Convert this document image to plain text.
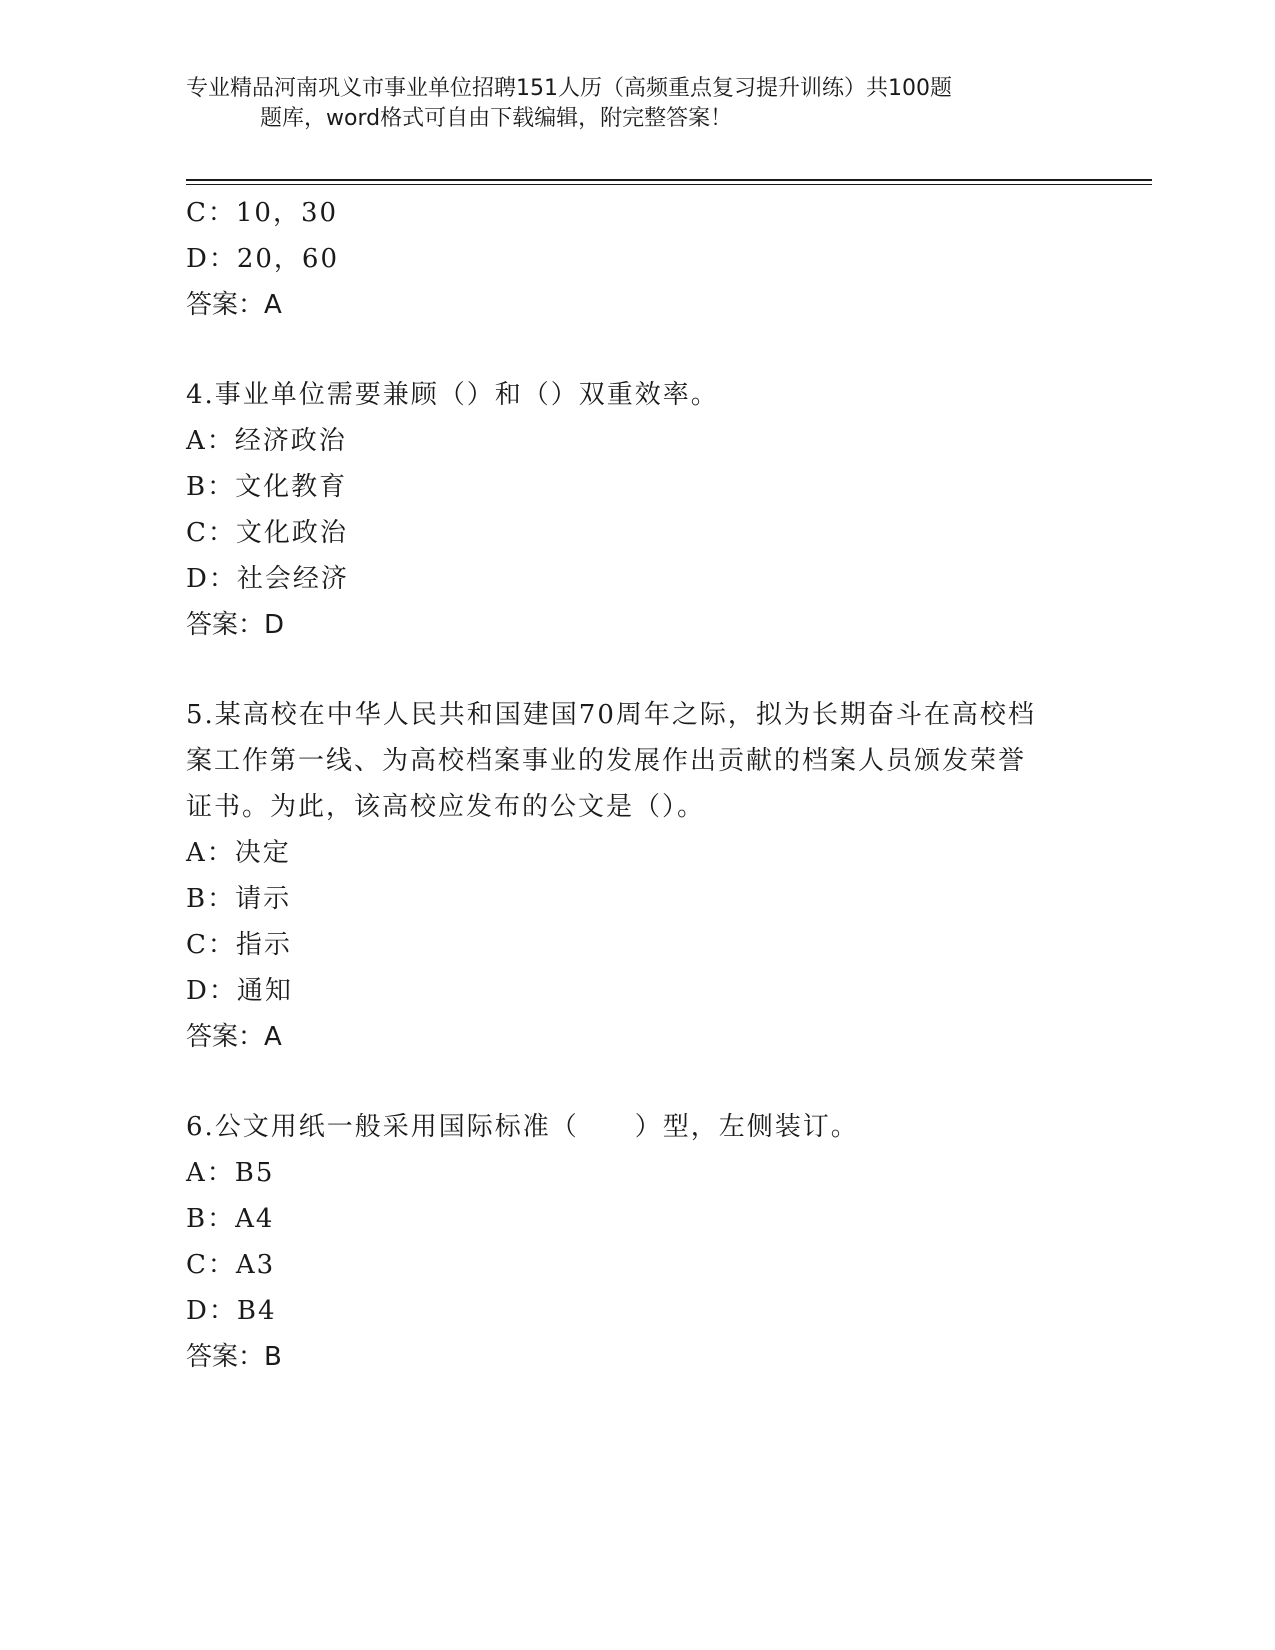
专业精品河南巩义市事业单位招聘151人历（高频重点复习提升训练）共100题
题库，word格式可自由下载编辑，附完整答案！
C：10，30
D：20，60
答案：A
4.事业单位需要兼顾（）和（）双重效率。
A：经济政治
B：文化教育
C：文化政治
D：社会经济
答案：D
5.某高校在中华人民共和国建国70周年之际，拟为长期奋斗在高校档
案工作第一线、为高校档案事业的发展作出贡献的档案人员颁发荣誉
证书。为此，该高校应发布的公文是（）。
A：决定
B：请示
C：指示
D：通知
答案：A
6.公文用纸一般采用国际标准（　　）型，左侧装订。
A：B5
B：A4
C：A3
D：B4
答案：B
